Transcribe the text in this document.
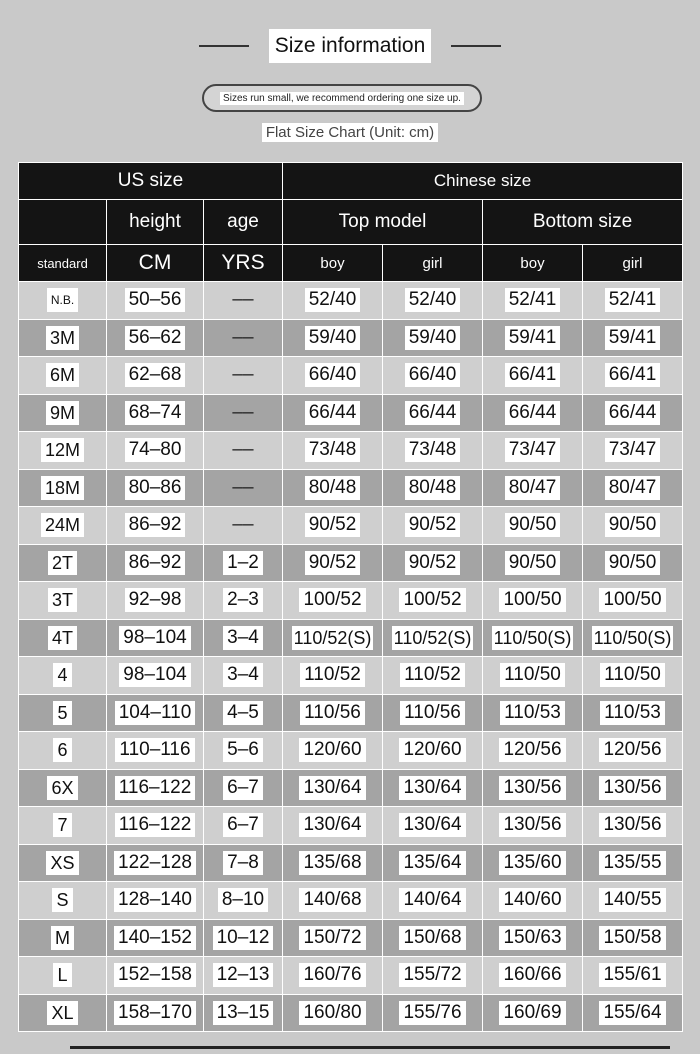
Size information
Sizes run small, we recommend ordering one size up.
Flat Size Chart (Unit: cm)
US size			Chinese size			
	height	age	Top model		Bottom size	
standard	CM	YRS	boy	girl	boy	girl
N.B.	50–56	––	52/40	52/40	52/41	52/41
3M	56–62	––	59/40	59/40	59/41	59/41
6M	62–68	––	66/40	66/40	66/41	66/41
9M	68–74	––	66/44	66/44	66/44	66/44
12M	74–80	––	73/48	73/48	73/47	73/47
18M	80–86	––	80/48	80/48	80/47	80/47
24M	86–92	––	90/52	90/52	90/50	90/50
2T	86–92	1–2	90/52	90/52	90/50	90/50
3T	92–98	2–3	100/52	100/52	100/50	100/50
4T	98–104	3–4	110/52(S)	110/52(S)	110/50(S)	110/50(S)
4	98–104	3–4	110/52	110/52	110/50	110/50
5	104–110	4–5	110/56	110/56	110/53	110/53
6	110–116	5–6	120/60	120/60	120/56	120/56
6X	116–122	6–7	130/64	130/64	130/56	130/56
7	116–122	6–7	130/64	130/64	130/56	130/56
XS	122–128	7–8	135/68	135/64	135/60	135/55
S	128–140	8–10	140/68	140/64	140/60	140/55
M	140–152	10–12	150/72	150/68	150/63	150/58
L	152–158	12–13	160/76	155/72	160/66	155/61
XL	158–170	13–15	160/80	155/76	160/69	155/64
